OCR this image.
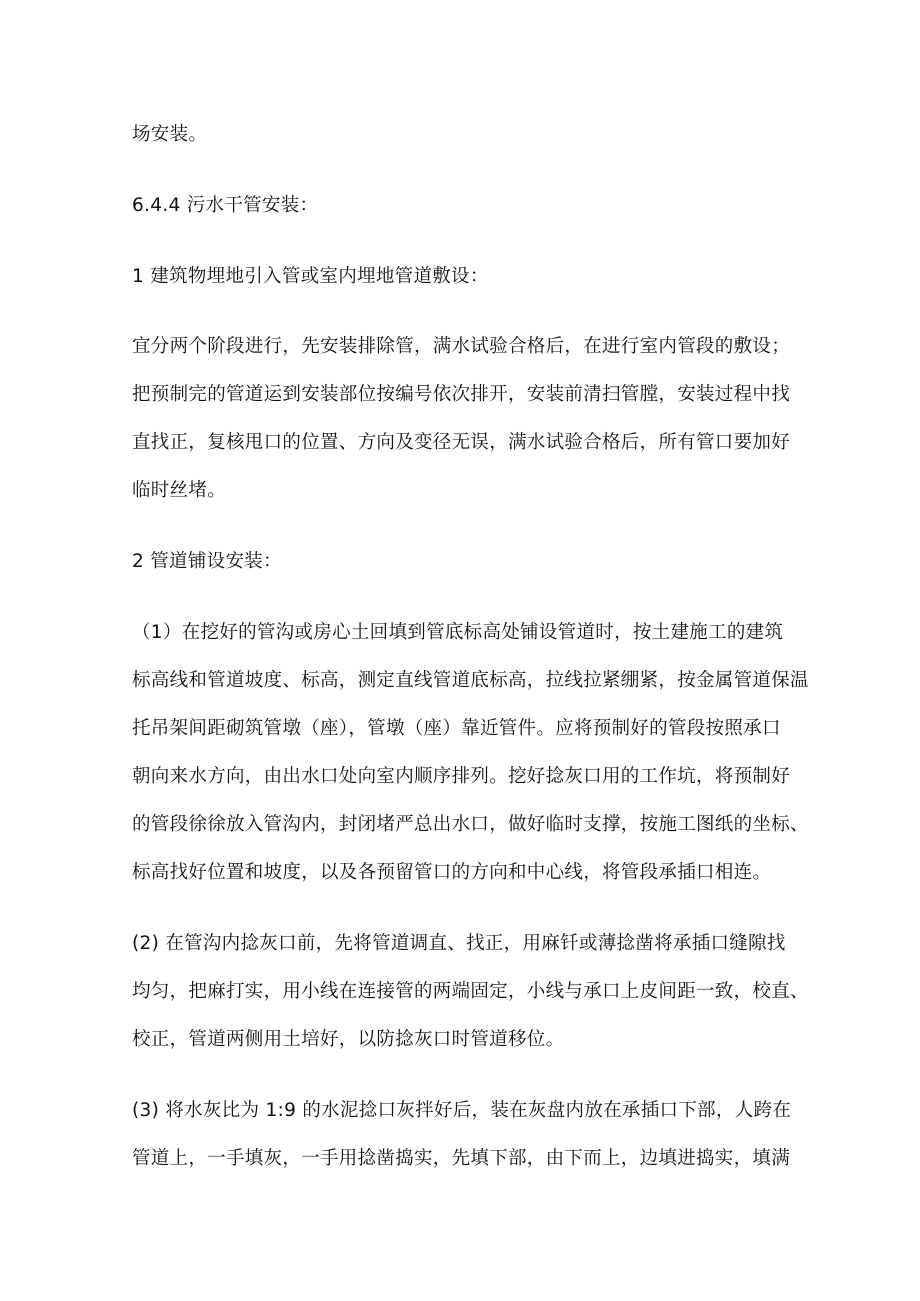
场安装。
6.4.4 污水干管安装：
1 建筑物埋地引入管或室内埋地管道敷设：
宜分两个阶段进行，先安装排除管，满水试验合格后，在进行室内管段的敷设；
把预制完的管道运到安装部位按编号依次排开，安装前清扫管膛，安装过程中找
直找正，复核甩口的位置、方向及变径无误，满水试验合格后，所有管口要加好
临时丝堵。
2 管道铺设安装：
（1）在挖好的管沟或房心土回填到管底标高处铺设管道时，按土建施工的建筑
标高线和管道坡度、标高，测定直线管道底标高，拉线拉紧绷紧，按金属管道保温
托吊架间距砌筑管墩（座），管墩（座）靠近管件。应将预制好的管段按照承口
朝向来水方向，由出水口处向室内顺序排列。挖好捻灰口用的工作坑，将预制好
的管段徐徐放入管沟内，封闭堵严总出水口，做好临时支撑，按施工图纸的坐标、
标高找好位置和坡度，以及各预留管口的方向和中心线，将管段承插口相连。
(2) 在管沟内捻灰口前，先将管道调直、找正，用麻钎或薄捻凿将承插口缝隙找
均匀，把麻打实，用小线在连接管的两端固定，小线与承口上皮间距一致，校直、
校正，管道两侧用土培好，以防捻灰口时管道移位。
(3) 将水灰比为 1:9 的水泥捻口灰拌好后，装在灰盘内放在承插口下部，人跨在
管道上，一手填灰，一手用捻凿捣实，先填下部，由下而上，边填进捣实，填满
